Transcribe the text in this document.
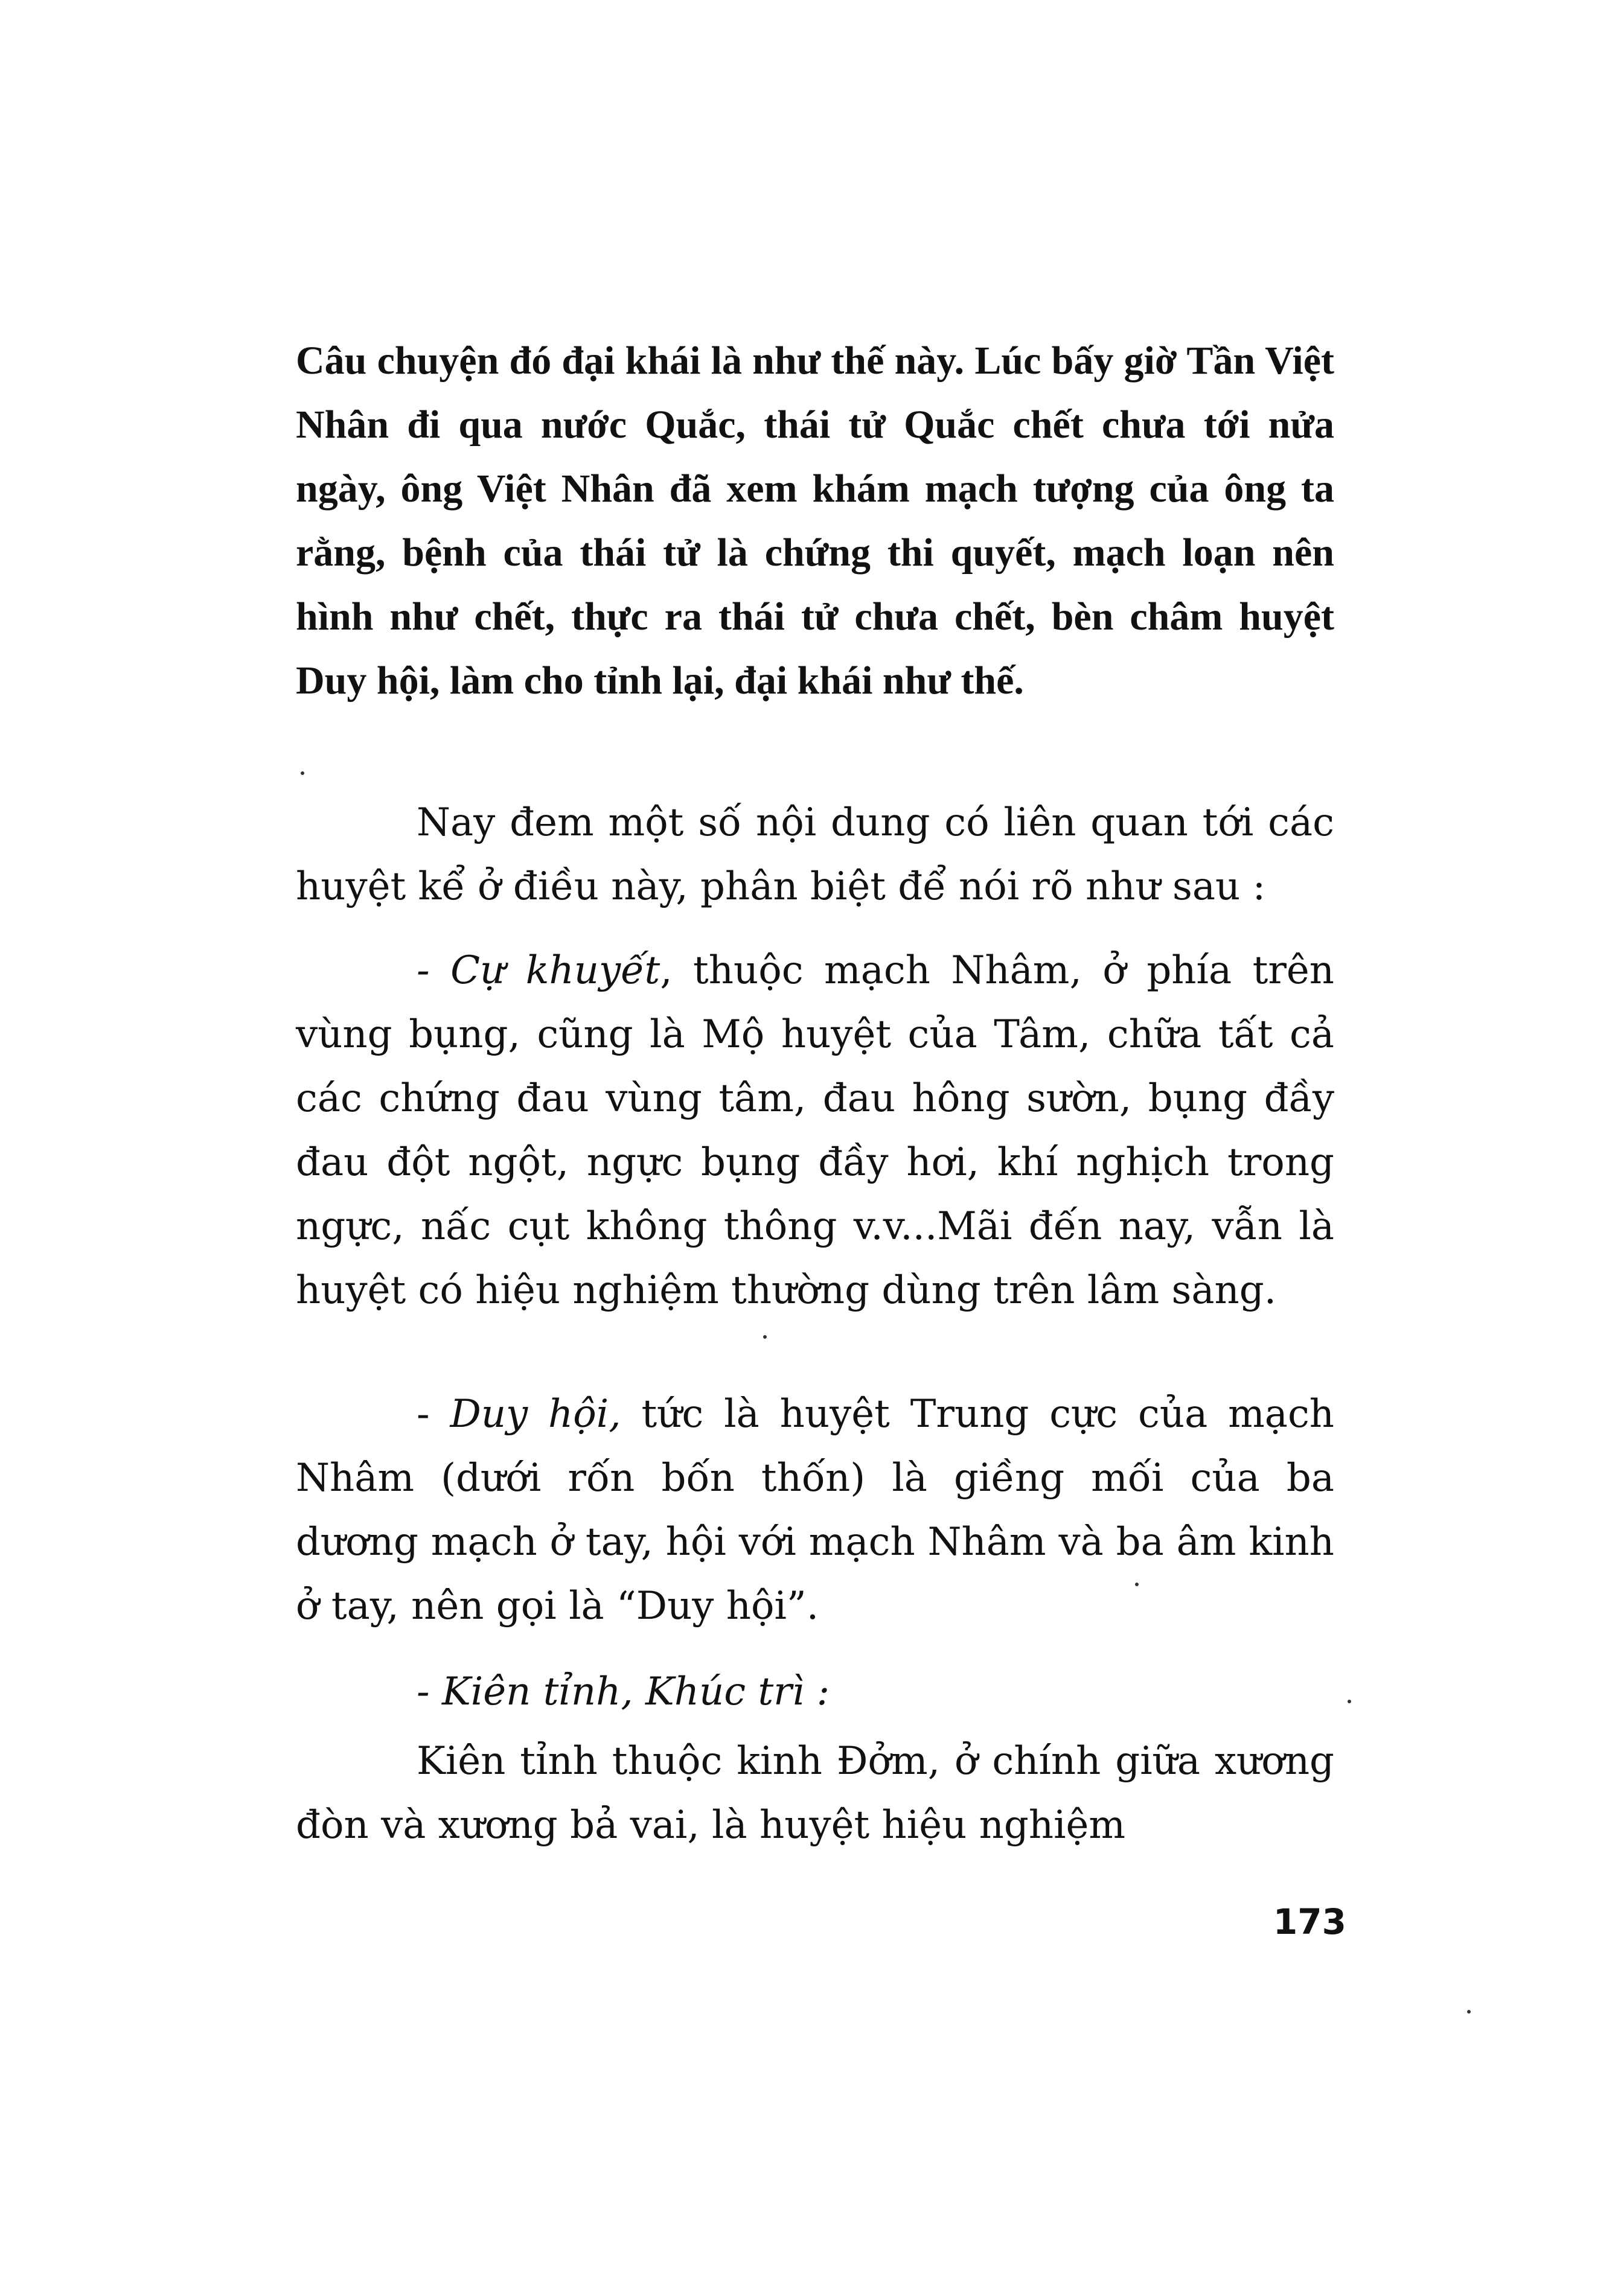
Câu chuyện đó đại khái là như thế này. Lúc bấy giờ Tần Việt Nhân đi qua nước Quắc, thái tử Quắc chết chưa tới nửa ngày, ông Việt Nhân đã xem khám mạch tượng của ông ta rằng, bệnh của thái tử là chứng thi quyết, mạch loạn nên hình như chết, thực ra thái tử chưa chết, bèn châm huyệt Duy hội, làm cho tỉnh lại, đại khái như thế.

Nay đem một số nội dung có liên quan tới các huyệt kể ở điều này, phân biệt để nói rõ như sau :

- Cự khuyết, thuộc mạch Nhâm, ở phía trên vùng bụng, cũng là Mộ huyệt của Tâm, chữa tất cả các chứng đau vùng tâm, đau hông sườn, bụng đầy đau đột ngột, ngực bụng đầy hơi, khí nghịch trong ngực, nấc cụt không thông v.v...Mãi đến nay, vẫn là huyệt có hiệu nghiệm thường dùng trên lâm sàng.

- Duy hội, tức là huyệt Trung cực của mạch Nhâm (dưới rốn bốn thốn) là giềng mối của ba dương mạch ở tay, hội với mạch Nhâm và ba âm kinh ở tay, nên gọi là “Duy hội”.

- Kiên tỉnh, Khúc trì :

Kiên tỉnh thuộc kinh Đởm, ở chính giữa xương đòn và xương bả vai, là huyệt hiệu nghiệm

173
